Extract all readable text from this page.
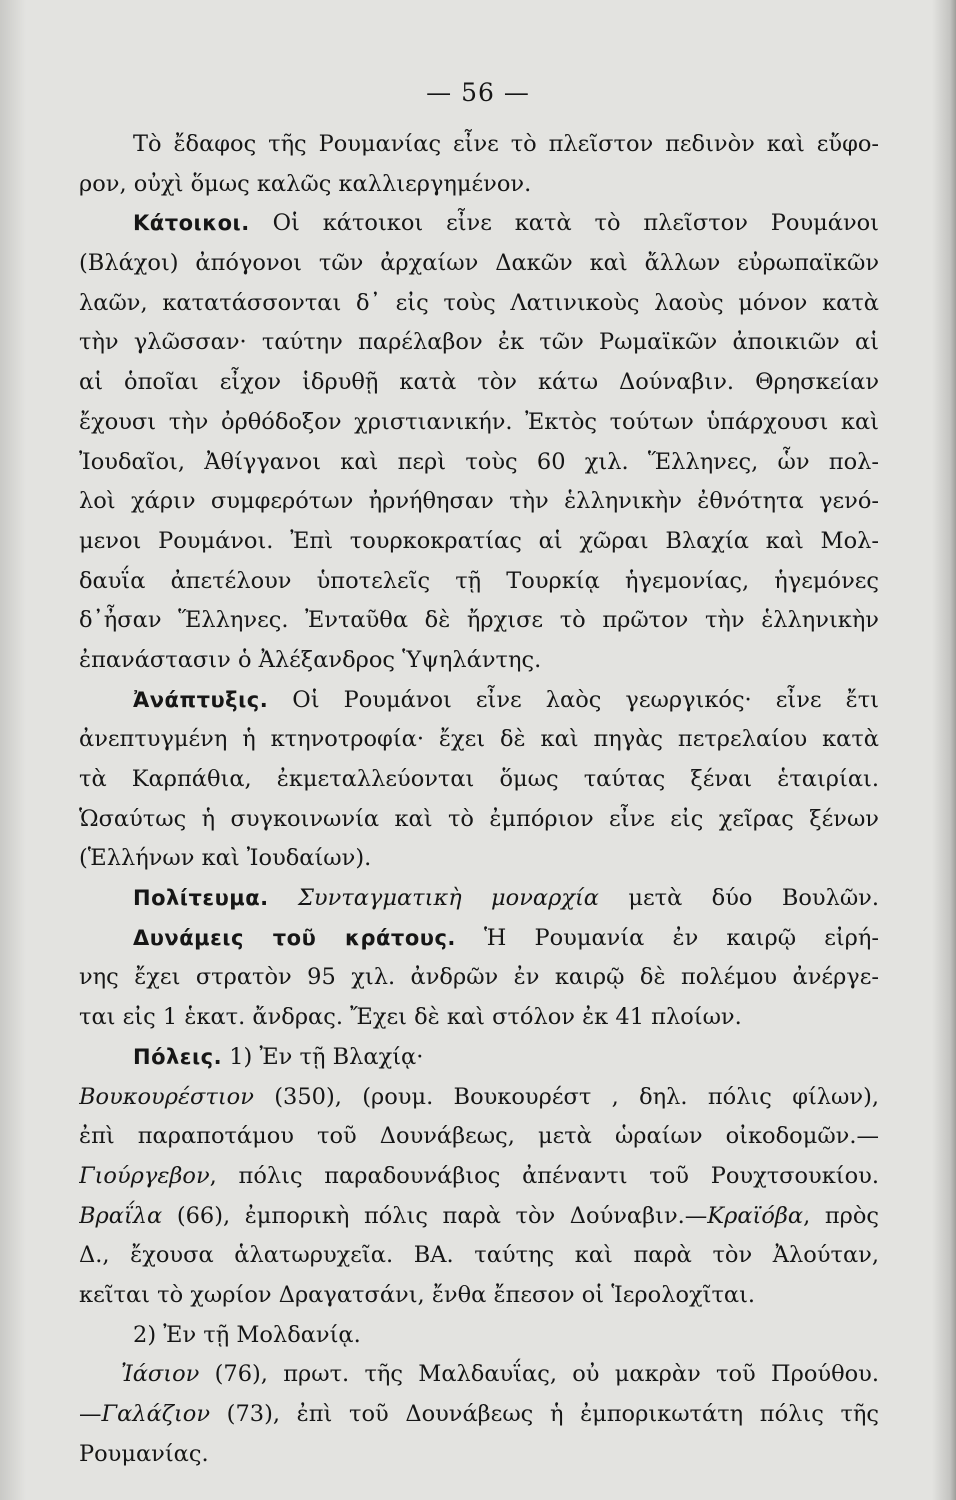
— 56 —
Τὸ ἔδαφος τῆς Ρουμανίας εἶνε τὸ πλεῖστον πεδινὸν καὶ εὔφο-
ρον, οὐχὶ ὅμως καλῶς καλλιεργημένον.
Κάτοικοι. Οἱ κάτοικοι εἶνε κατὰ τὸ πλεῖστον Ρουμάνοι
(Βλάχοι) ἀπόγονοι τῶν ἀρχαίων Δακῶν καὶ ἄλλων εὐρωπαϊκῶν
λαῶν, κατατάσσονται δ᾽ εἰς τοὺς Λατινικοὺς λαοὺς μόνον κατὰ
τὴν γλῶσσαν· ταύτην παρέλαβον ἐκ τῶν Ρωμαϊκῶν ἀποικιῶν αἱ
αἱ ὁποῖαι εἶχον ἱδρυθῇ κατὰ τὸν κάτω Δούναβιν. Θρησκείαν
ἔχουσι τὴν ὀρθόδοξον χριστιανικήν. Ἐκτὸς τούτων ὑπάρχουσι καὶ
Ἰουδαῖοι, Ἀθίγγανοι καὶ περὶ τοὺς 60 χιλ. Ἕλληνες, ὧν πολ-
λοὶ χάριν συμφερότων ἠρνήθησαν τὴν ἑλληνικὴν ἐθνότητα γενό-
μενοι Ρουμάνοι. Ἐπὶ τουρκοκρατίας αἱ χῶραι Βλαχία καὶ Μολ-
δαυΐα ἀπετέλουν ὑποτελεῖς τῇ Τουρκίᾳ ἡγεμονίας, ἡγεμόνες
δ᾽ἦσαν Ἕλληνες. Ἐνταῦθα δὲ ἤρχισε τὸ πρῶτον τὴν ἑλληνικὴν
ἐπανάστασιν ὁ Ἀλέξανδρος Ὑψηλάντης.
Ἀνάπτυξις. Οἱ Ρουμάνοι εἶνε λαὸς γεωργικός· εἶνε ἔτι
ἀνεπτυγμένη ἡ κτηνοτροφία· ἔχει δὲ καὶ πηγὰς πετρελαίου κατὰ
τὰ Καρπάθια, ἐκμεταλλεύονται ὅμως ταύτας ξέναι ἑταιρίαι.
Ὡσαύτως ἡ συγκοινωνία καὶ τὸ ἐμπόριον εἶνε εἰς χεῖρας ξένων
(Ἑλλήνων καὶ Ἰουδαίων).
Πολίτευμα. Συνταγματικὴ μοναρχία μετὰ δύο Βουλῶν.
Δυνάμεις τοῦ κράτους. Ἡ Ρουμανία ἐν καιρῷ εἰρή-
νης ἔχει στρατὸν 95 χιλ. ἀνδρῶν ἐν καιρῷ δὲ πολέμου ἀνέργε-
ται εἰς 1 ἑκατ. ἄνδρας. Ἔχει δὲ καὶ στόλον ἐκ 41 πλοίων.
Πόλεις. 1) Ἐν τῇ Βλαχίᾳ·
Βουκουρέστιον (350), (ρουμ. Βουκουρέστ , δηλ. πόλις φίλων),
ἐπὶ παραποτάμου τοῦ Δουνάβεως, μετὰ ὡραίων οἰκοδομῶν.—
Γιούργεβον, πόλις παραδουνάβιος ἀπέναντι τοῦ Ρουχτσουκίου.
Βραΐλα (66), ἐμπορικὴ πόλις παρὰ τὸν Δούναβιν.—Κραϊόβα, πρὸς
Δ., ἔχουσα ἁλατωρυχεῖα. ΒΑ. ταύτης καὶ παρὰ τὸν Ἀλούταν,
κεῖται τὸ χωρίον Δραγατσάνι, ἔνθα ἔπεσον οἱ Ἱερολοχῖται.
2) Ἐν τῇ Μολδανίᾳ.
Ἰάσιον (76), πρωτ. τῆς Μαλδαυΐας, οὐ μακρὰν τοῦ Προύθου.
—Γαλάζιον (73), ἐπὶ τοῦ Δουνάβεως ἡ ἐμπορικωτάτη πόλις τῆς
Ρουμανίας.
